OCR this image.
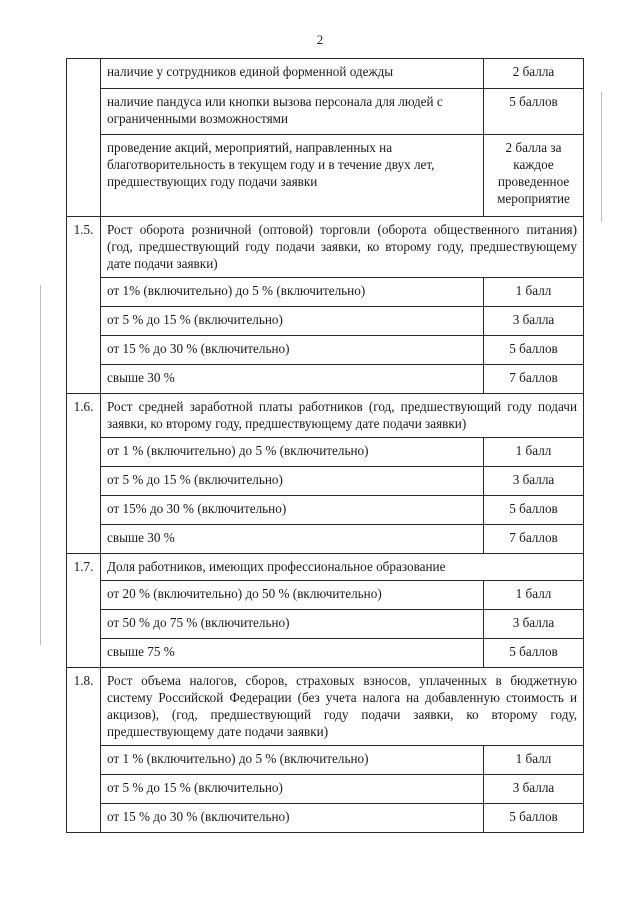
2
	наличие у сотрудников единой форменной одежды	2 балла
	наличие пандуса или кнопки вызова персонала для людей с ограниченными возможностями	5 баллов
	проведение акций, мероприятий, направленных на благотворительность в текущем году и в течение двух лет, предшествующих году подачи заявки	2 балла за каждое проведенное мероприятие
1.5.	Рост оборота розничной (оптовой) торговли (оборота общественного питания) (год, предшествующий году подачи заявки, ко второму году, предшествующему дате подачи заявки)	
	от 1% (включительно) до 5 % (включительно)	1 балл
	от 5 % до 15 % (включительно)	3 балла
	от 15 % до 30 % (включительно)	5 баллов
	свыше 30 %	7 баллов
1.6.	Рост средней заработной платы работников (год, предшествующий году подачи заявки, ко второму году, предшествующему дате подачи заявки)	
	от 1 % (включительно) до 5 % (включительно)	1 балл
	от 5 % до 15 % (включительно)	3 балла
	от 15% до 30 % (включительно)	5 баллов
	свыше 30 %	7 баллов
1.7.	Доля работников, имеющих профессиональное образование	
	от 20 % (включительно) до 50 % (включительно)	1 балл
	от 50 % до 75 % (включительно)	3 балла
	свыше 75 %	5 баллов
1.8.	Рост объема налогов, сборов, страховых взносов, уплаченных в бюджетную систему Российской Федерации (без учета налога на добавленную стоимость и акцизов), (год, предшествующий году подачи заявки, ко второму году, предшествующему дате подачи заявки)	
	от 1 % (включительно) до 5 % (включительно)	1 балл
	от 5 % до 15 % (включительно)	3 балла
	от 15 % до 30 % (включительно)	5 баллов
